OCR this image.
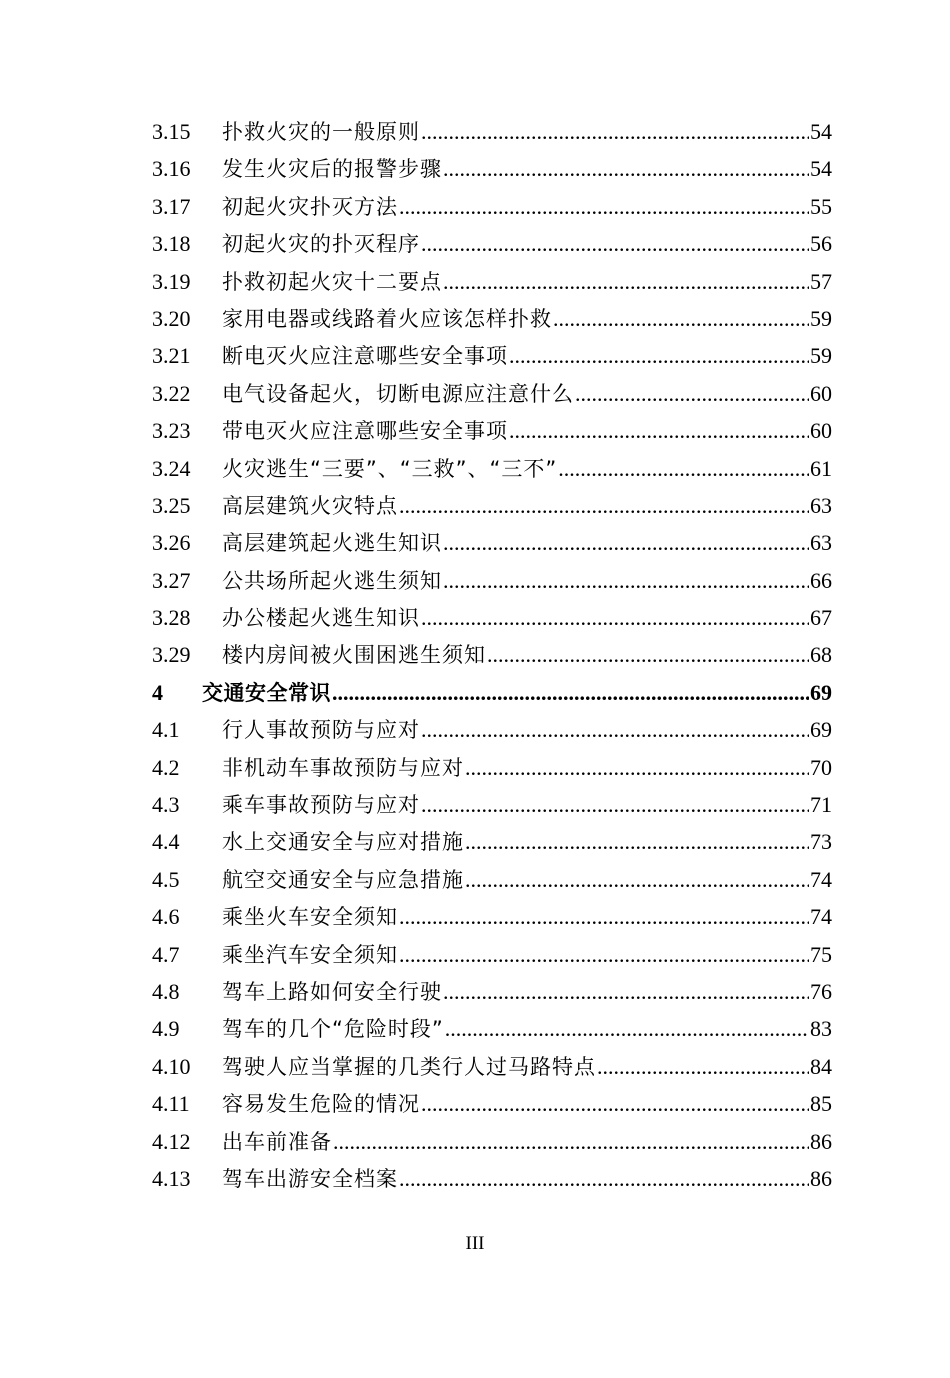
3.15	扑救火灾的一般原则 .....	54
3.16	发生火灾后的报警步骤 .....	54
3.17	初起火灾扑灭方法 .....	55
3.18	初起火灾的扑灭程序 .....	56
3.19	扑救初起火灾十二要点 .....	57
3.20	家用电器或线路着火应该怎样扑救 .....	59
3.21	断电灭火应注意哪些安全事项 .....	59
3.22	电气设备起火，切断电源应注意什么 .....	60
3.23	带电灭火应注意哪些安全事项 .....	60
3.24	火灾逃生“三要”、“三救”、“三不” .....	61
3.25	高层建筑火灾特点 .....	63
3.26	高层建筑起火逃生知识 .....	63
3.27	公共场所起火逃生须知 .....	66
3.28	办公楼起火逃生知识 .....	67
3.29	楼内房间被火围困逃生须知 .....	68
4	交通安全常识 .....	69
4.1	行人事故预防与应对 .....	69
4.2	非机动车事故预防与应对 .....	70
4.3	乘车事故预防与应对 .....	71
4.4	水上交通安全与应对措施 .....	73
4.5	航空交通安全与应急措施 .....	74
4.6	乘坐火车安全须知 .....	74
4.7	乘坐汽车安全须知 .....	75
4.8	驾车上路如何安全行驶 .....	76
4.9	驾车的几个“危险时段” .....	83
4.10	驾驶人应当掌握的几类行人过马路特点 .....	84
4.11	容易发生危险的情况 .....	85
4.12	出车前准备 .....	86
4.13	驾车出游安全档案 .....	86
III
